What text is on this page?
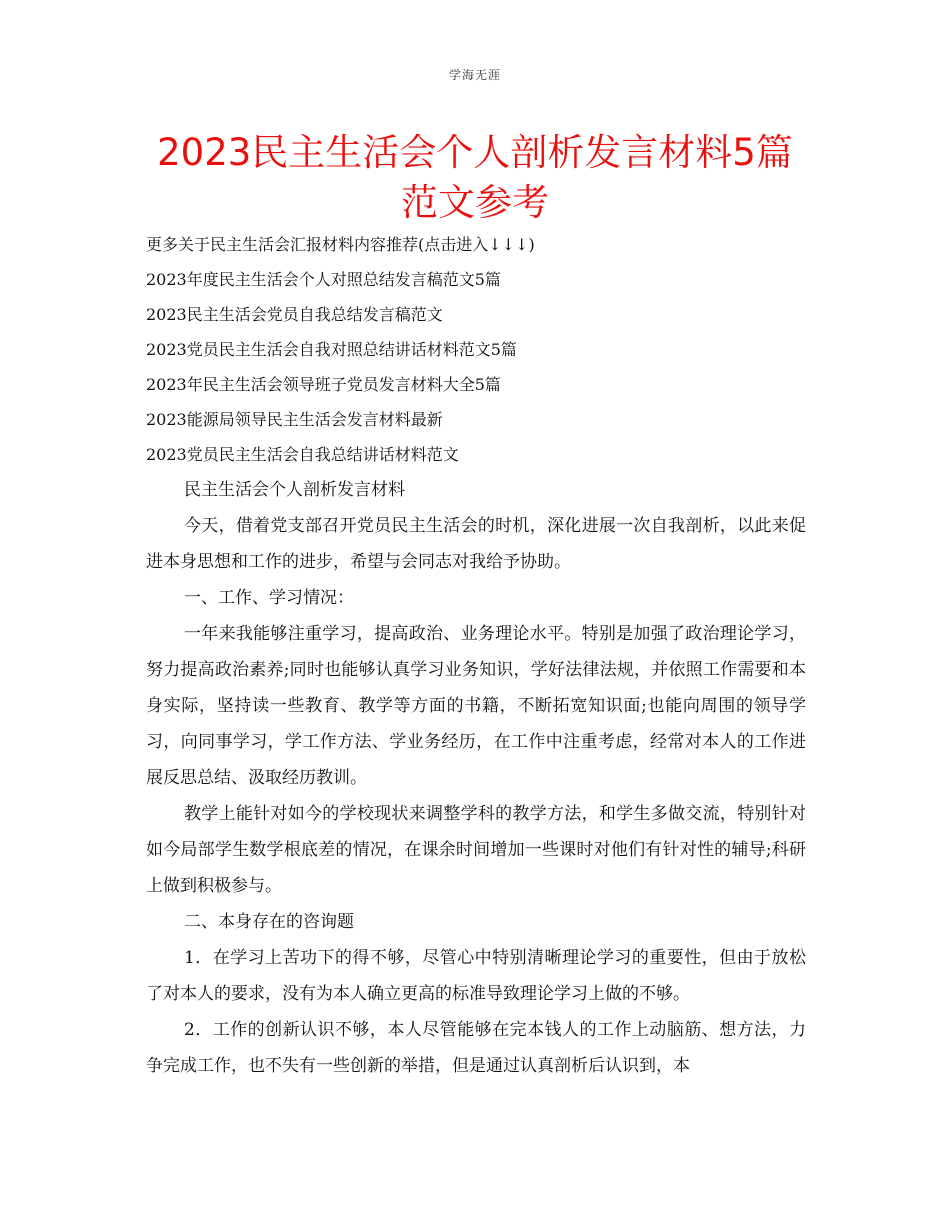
学海无涯
2023民主生活会个人剖析发言材料5篇
范文参考
更多关于民主生活会汇报材料内容推荐(点击进入↓↓↓)
2023年度民主生活会个人对照总结发言稿范文5篇
2023民主生活会党员自我总结发言稿范文
2023党员民主生活会自我对照总结讲话材料范文5篇
2023年民主生活会领导班子党员发言材料大全5篇
2023能源局领导民主生活会发言材料最新
2023党员民主生活会自我总结讲话材料范文

民主生活会个人剖析发言材料

今天，借着党支部召开党员民主生活会的时机，深化进展一次自我剖析，以此来促进本身思想和工作的进步，希望与会同志对我给予协助。

一、工作、学习情况：

一年来我能够注重学习，提高政治、业务理论水平。特别是加强了政治理论学习，努力提高政治素养;同时也能够认真学习业务知识，学好法律法规，并依照工作需要和本身实际，坚持读一些教育、教学等方面的书籍，不断拓宽知识面;也能向周围的领导学习，向同事学习，学工作方法、学业务经历，在工作中注重考虑，经常对本人的工作进展反思总结、汲取经历教训。

教学上能针对如今的学校现状来调整学科的教学方法，和学生多做交流，特别针对如今局部学生数学根底差的情况，在课余时间增加一些课时对他们有针对性的辅导;科研上做到积极参与。

二、本身存在的咨询题

1．在学习上苦功下的得不够，尽管心中特别清晰理论学习的重要性，但由于放松了对本人的要求，没有为本人确立更高的标准导致理论学习上做的不够。

2．工作的创新认识不够，本人尽管能够在完本钱人的工作上动脑筋、想方法，力争完成工作，也不失有一些创新的举措，但是通过认真剖析后认识到，本
